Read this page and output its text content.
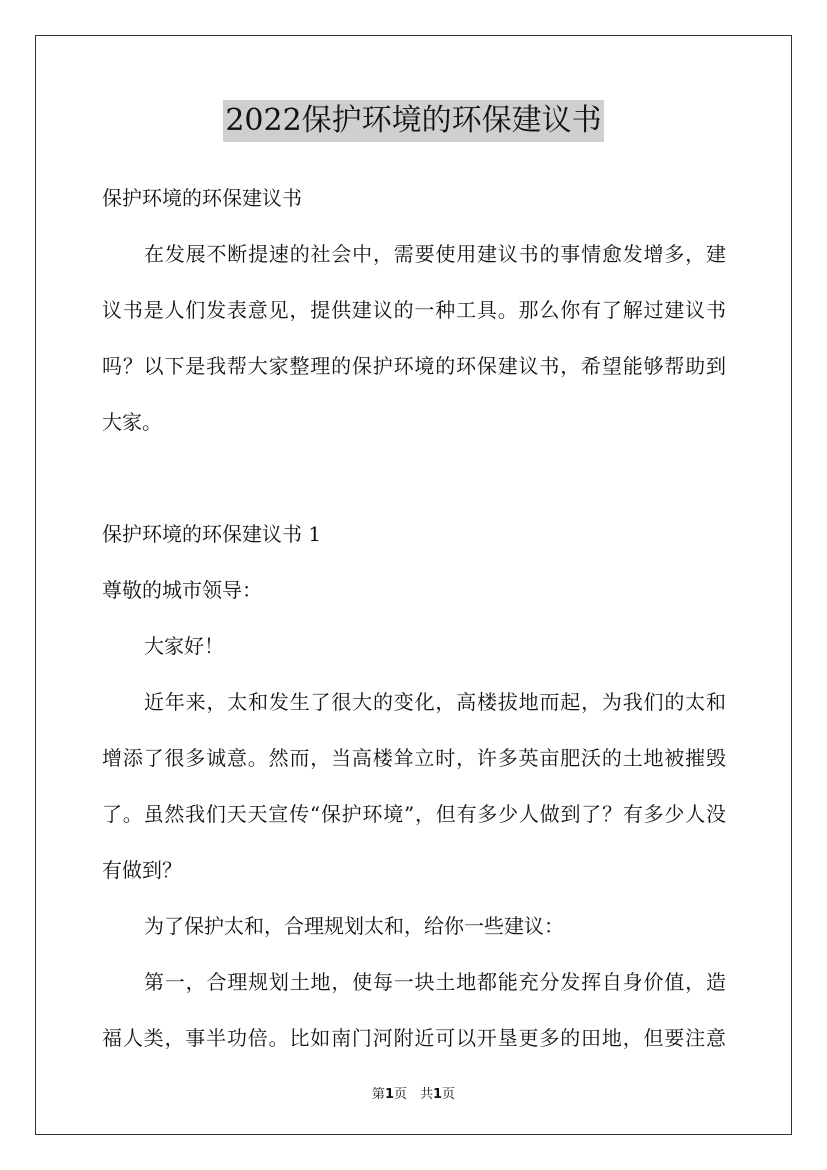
2022保护环境的环保建议书

保护环境的环保建议书

在发展不断提速的社会中，需要使用建议书的事情愈发增多，建

议书是人们发表意见，提供建议的一种工具。那么你有了解过建议书

吗？以下是我帮大家整理的保护环境的环保建议书，希望能够帮助到

大家。

保护环境的环保建议书 1

尊敬的城市领导：

大家好！

近年来，太和发生了很大的变化，高楼拔地而起，为我们的太和

增添了很多诚意。然而，当高楼耸立时，许多英亩肥沃的土地被摧毁

了。虽然我们天天宣传“保护环境”，但有多少人做到了？有多少人没

有做到？

为了保护太和，合理规划太和，给你一些建议：

第一，合理规划土地，使每一块土地都能充分发挥自身价值，造

福人类，事半功倍。比如南门河附近可以开垦更多的田地，但要注意

第1页　共1页
